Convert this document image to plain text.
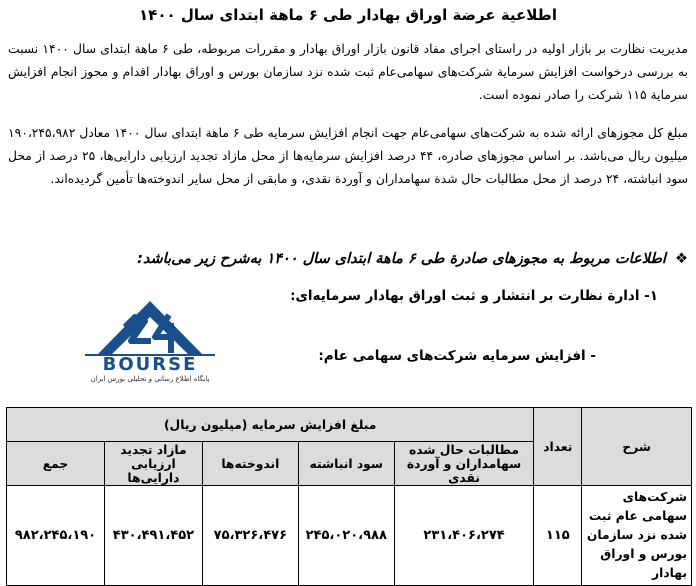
اطلاعیة عرضة اوراق بهادار طی ۶ ماهة ابتدای سال ۱۴۰۰
مدیریت نظارت بر بازار اولیه در راستای اجرای مفاد قانون بازار اوراق بهادار و مقررات مربوطه، طی ۶ ماهة ابتدای سال ۱۴۰۰ نسبت به بررسی درخواست افزایش سرمایة شرکت‌های سهامی‌عام ثبت شده نزد سازمان بورس و اوراق بهادار اقدام و مجوز انجام افزایش سرمایة ۱۱۵ شرکت را صادر نموده است.
مبلغ کل مجوزهای ارائه شده به شرکت‌های سهامی‌عام جهت انجام افزایش سرمایه طی ۶ ماهة ابتدای سال ۱۴۰۰ معادل ۱۹۰،۲۴۵،۹۸۲ میلیون ریال می‌باشد. بر اساس مجوزهای صادره، ۴۴ درصد افزایش سرمایه‌ها از محل مازاد تجدید ارزیابی دارایی‌ها، ۲۵ درصد از محل سود انباشته، ۲۴ درصد از محل مطالبات حال شدة سهامداران و آوردة نقدی، و مابقی از محل سایر اندوخته‌ها تأمین گردیده‌اند.
❖ اطلاعات مربوط به مجوزهای صادرة طی ۶ ماهة ابتدای سال ۱۴۰۰ به‌شرح زیر می‌باشد:
۱- ادارة نظارت بر انتشار و ثبت اوراق بهادار سرمایه‌ای:
- افزایش سرمایه شرکت‌های سهامی عام:
BOURSE
پایگاه اطلاع رسانی و تحلیلی بورس ایران
شرح	تعداد	مبلغ افزایش سرمایه (میلیون ریال)				
		مطالبات حال شده سهامداران و آوردة نقدی	سود انباشته	اندوخته‌ها	مازاد تجدید ارزیابی دارایی‌ها	جمع
شرکت‌های سهامی عام ثبت شده نزد سازمان بورس و اوراق بهادار	۱۱۵	۲۳۱،۴۰۶،۲۷۴	۲۴۵،۰۲۰،۹۸۸	۷۵،۳۲۶،۴۷۶	۴۳۰،۴۹۱،۴۵۲	۹۸۲،۲۴۵،۱۹۰
